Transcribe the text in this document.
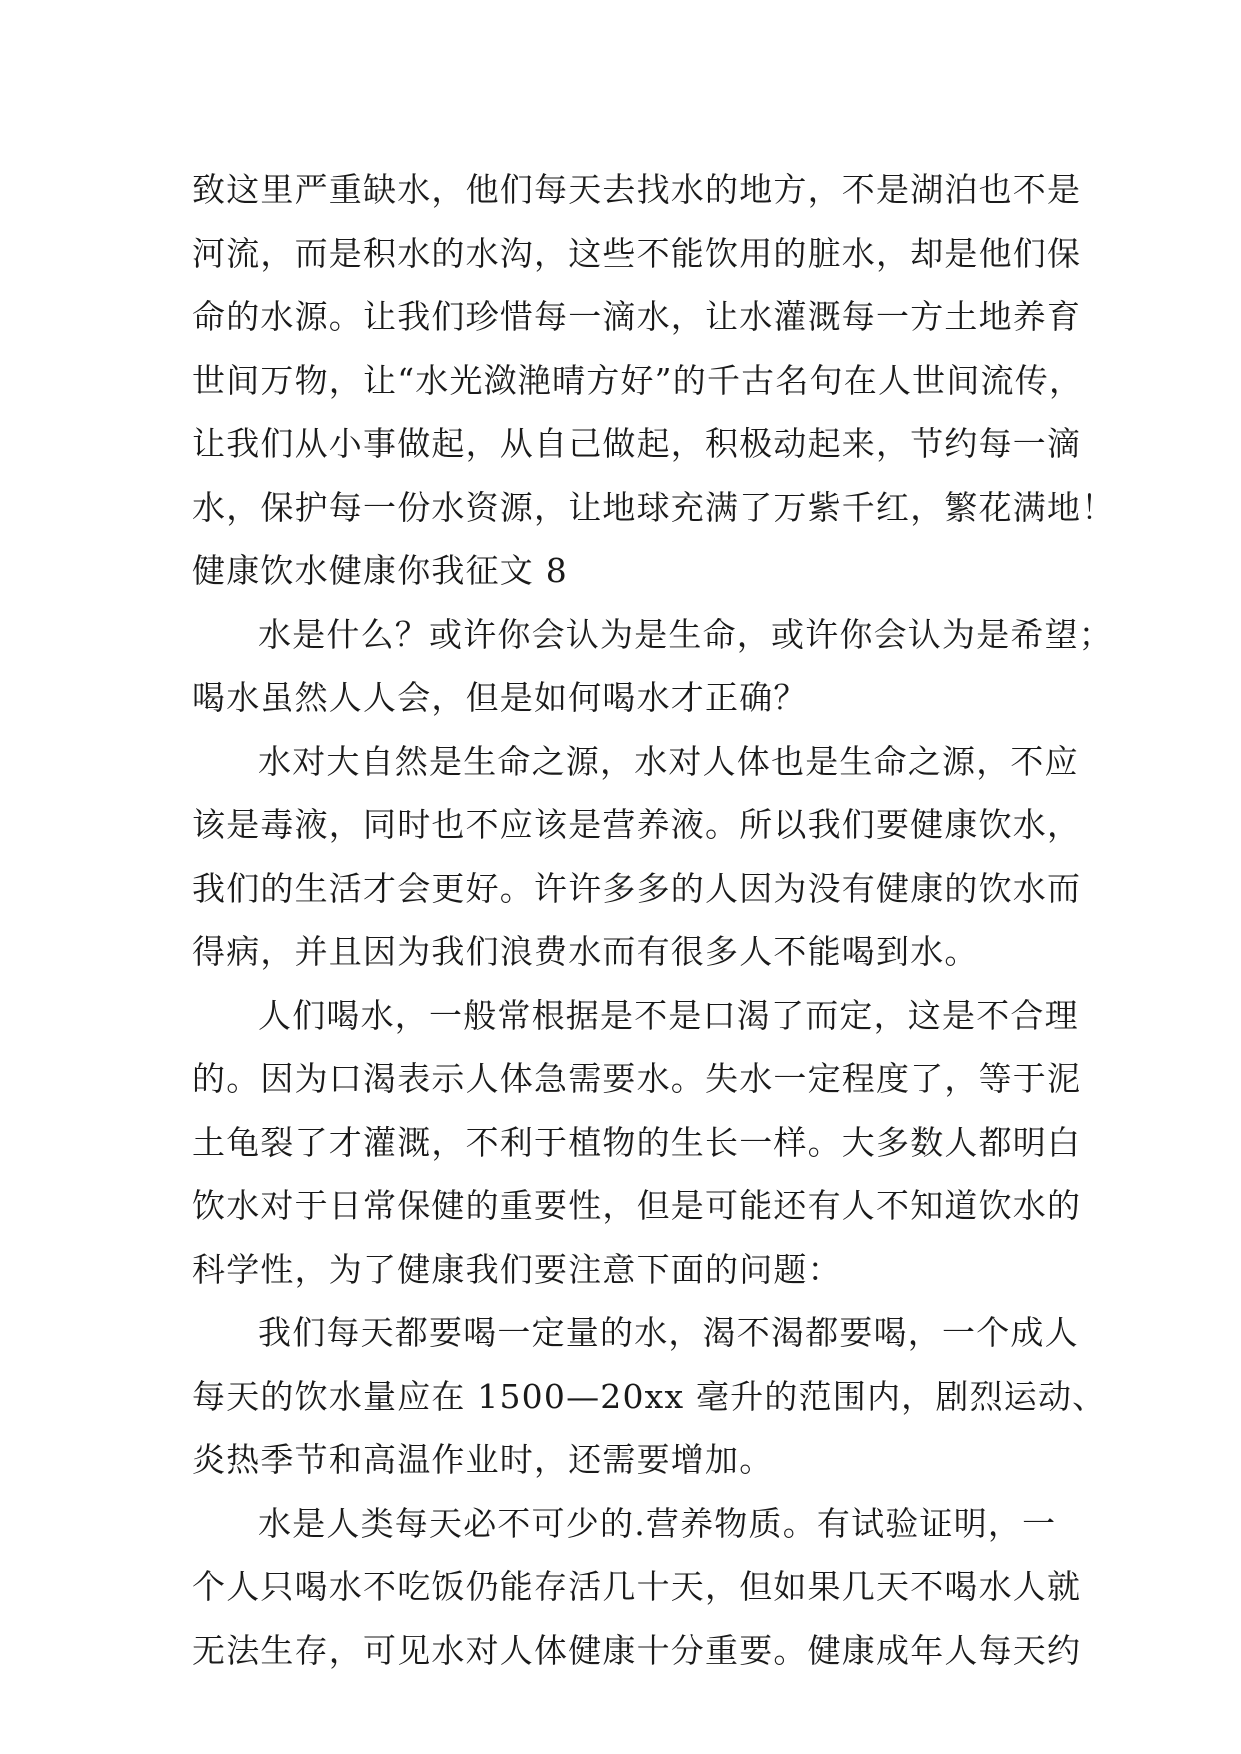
致这里严重缺水，他们每天去找水的地方，不是湖泊也不是
河流，而是积水的水沟，这些不能饮用的脏水，却是他们保
命的水源。让我们珍惜每一滴水，让水灌溉每一方土地养育
世间万物，让“水光潋滟晴方好”的千古名句在人世间流传，
让我们从小事做起，从自己做起，积极动起来，节约每一滴
水，保护每一份水资源，让地球充满了万紫千红，繁花满地！
健康饮水健康你我征文 8
水是什么？或许你会认为是生命，或许你会认为是希望；
喝水虽然人人会，但是如何喝水才正确？
水对大自然是生命之源，水对人体也是生命之源，不应
该是毒液，同时也不应该是营养液。所以我们要健康饮水，
我们的生活才会更好。许许多多的人因为没有健康的饮水而
得病，并且因为我们浪费水而有很多人不能喝到水。
人们喝水，一般常根据是不是口渴了而定，这是不合理
的。因为口渴表示人体急需要水。失水一定程度了，等于泥
土龟裂了才灌溉，不利于植物的生长一样。大多数人都明白
饮水对于日常保健的重要性，但是可能还有人不知道饮水的
科学性，为了健康我们要注意下面的问题：
我们每天都要喝一定量的水，渴不渴都要喝，一个成人
每天的饮水量应在 1500—20xx 毫升的范围内，剧烈运动、
炎热季节和高温作业时，还需要增加。
水是人类每天必不可少的.营养物质。有试验证明，一
个人只喝水不吃饭仍能存活几十天，但如果几天不喝水人就
无法生存，可见水对人体健康十分重要。健康成年人每天约
